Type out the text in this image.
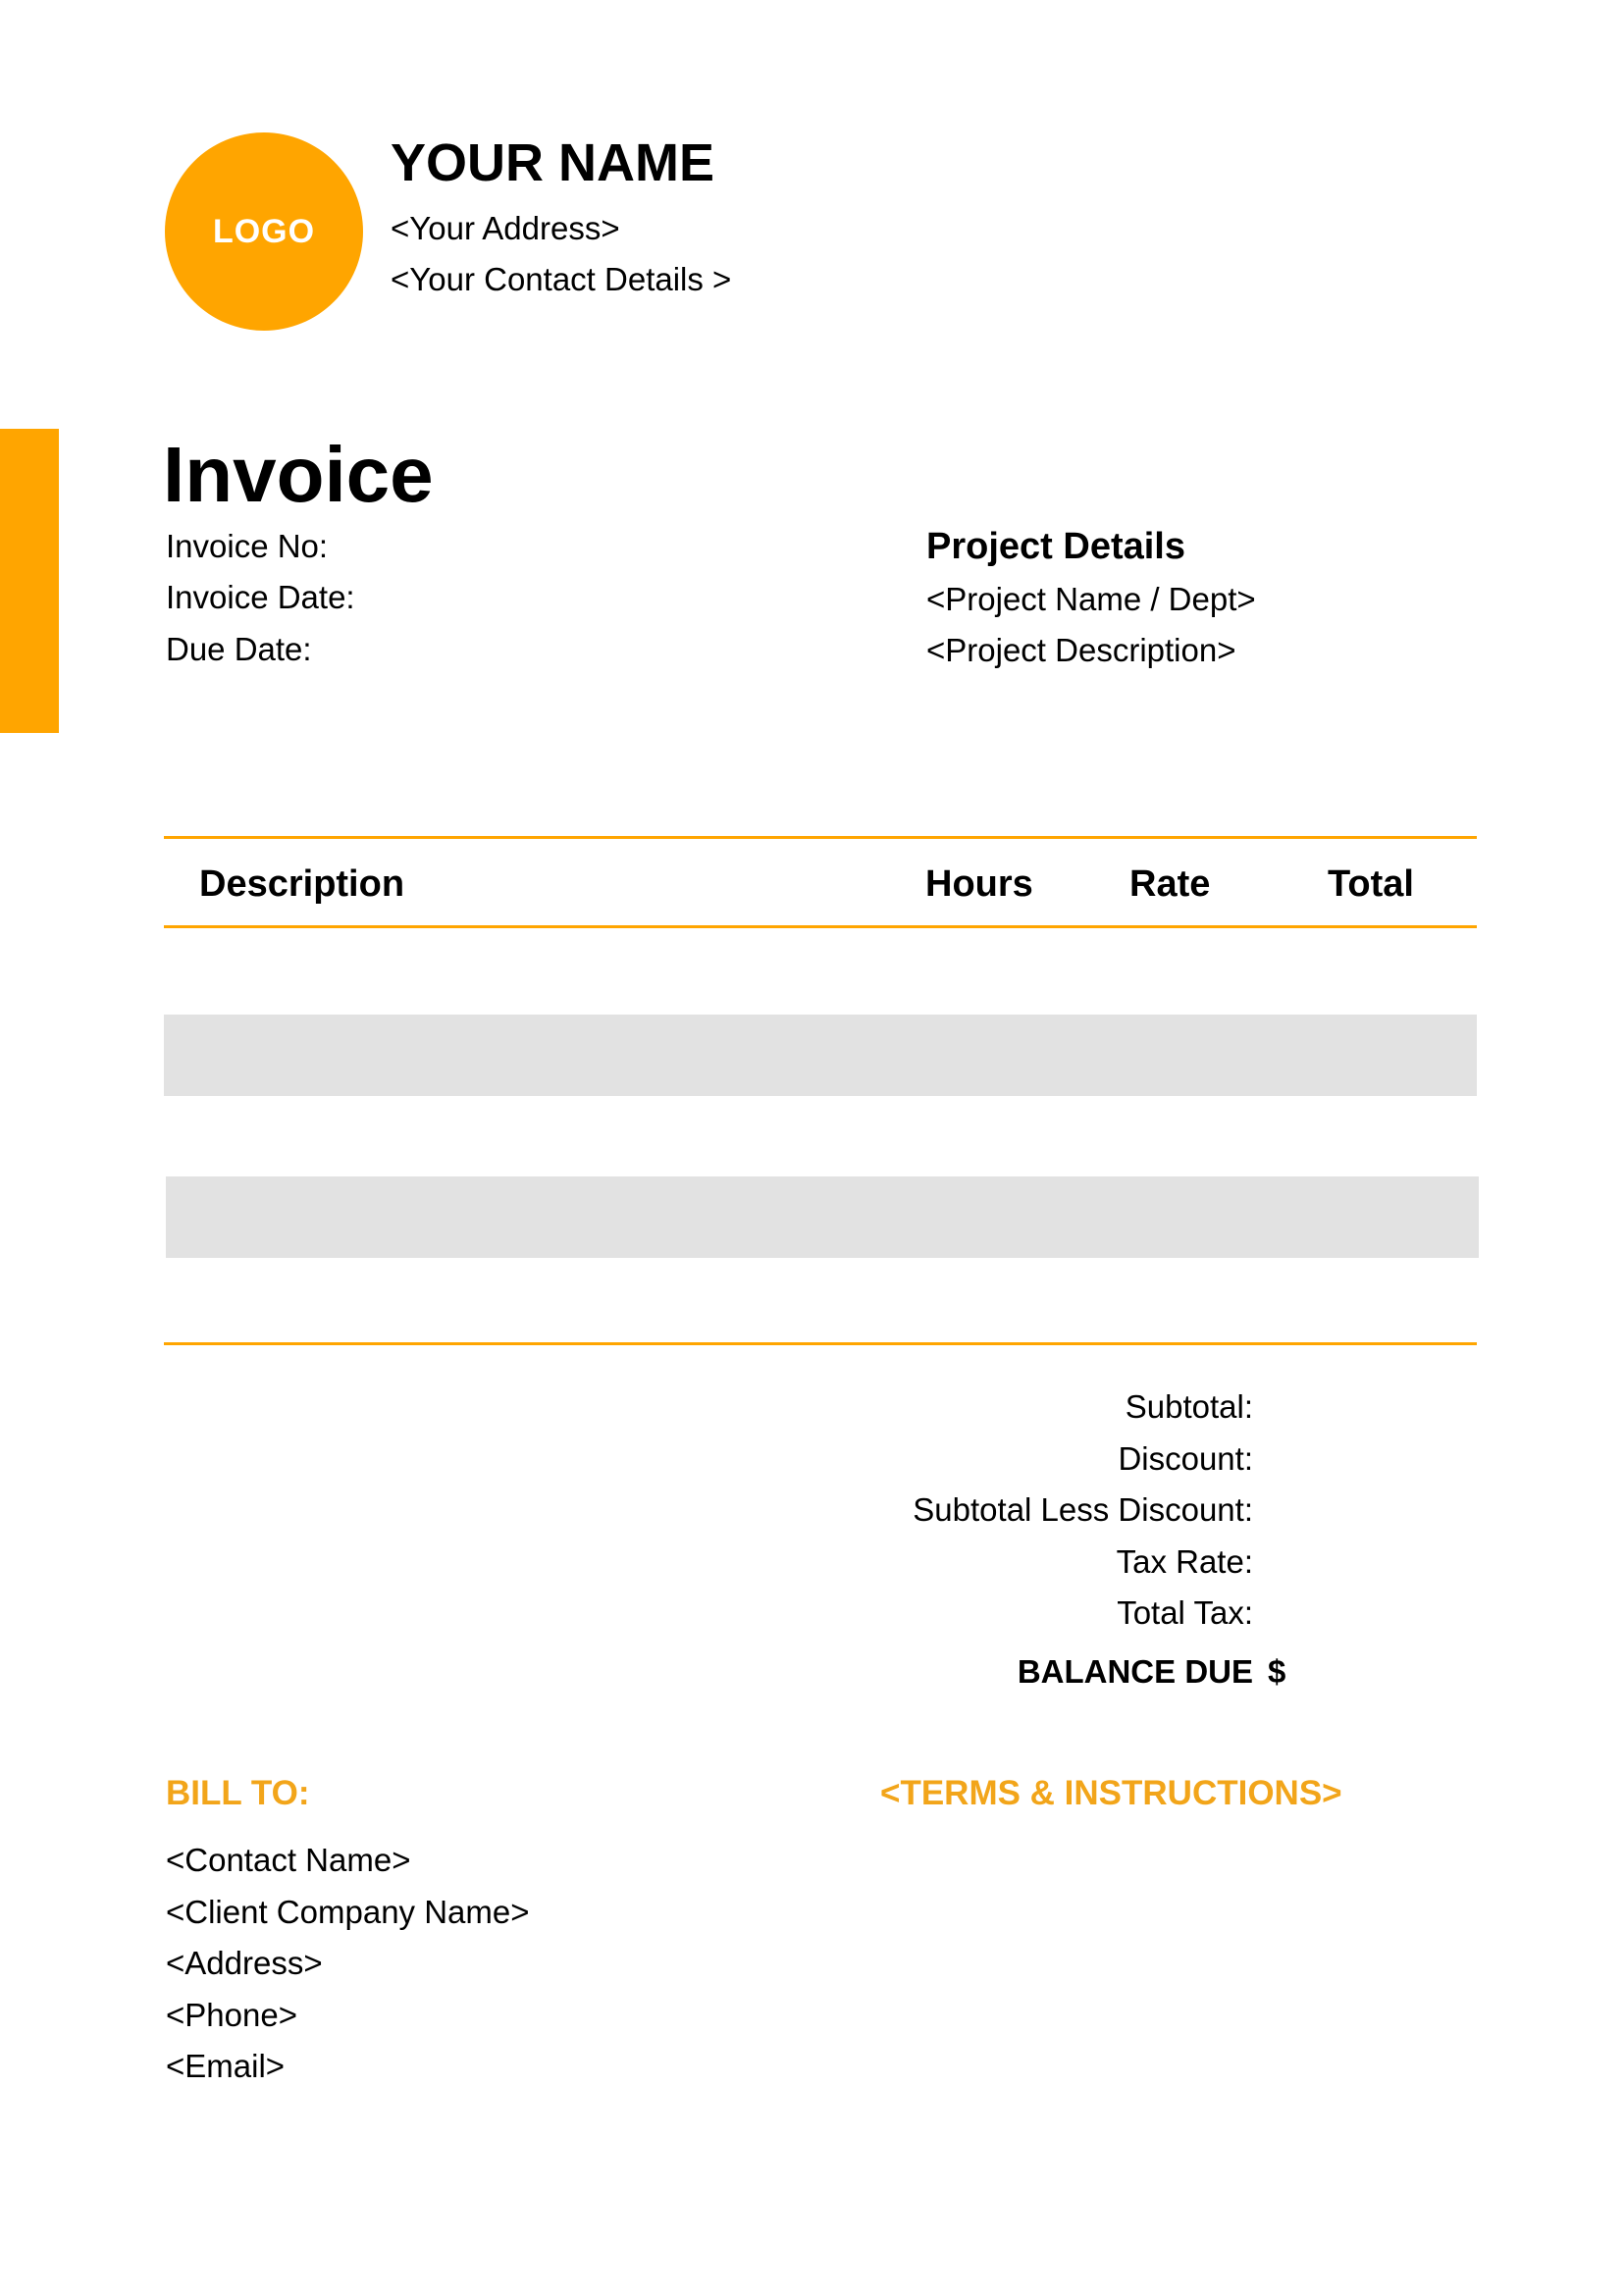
LOGO
YOUR NAME
<Your Address>
<Your Contact Details >
Invoice
Invoice No:
Invoice Date:
Due Date:
Project Details
<Project Name / Dept>
<Project Description>
Description	Hours	Rate	Total
Subtotal:
Discount:
Subtotal Less Discount:
Tax Rate:
Total Tax:
BALANCE DUE $
BILL TO:
<Contact Name>
<Client Company Name>
<Address>
<Phone>
<Email>
<TERMS & INSTRUCTIONS>
